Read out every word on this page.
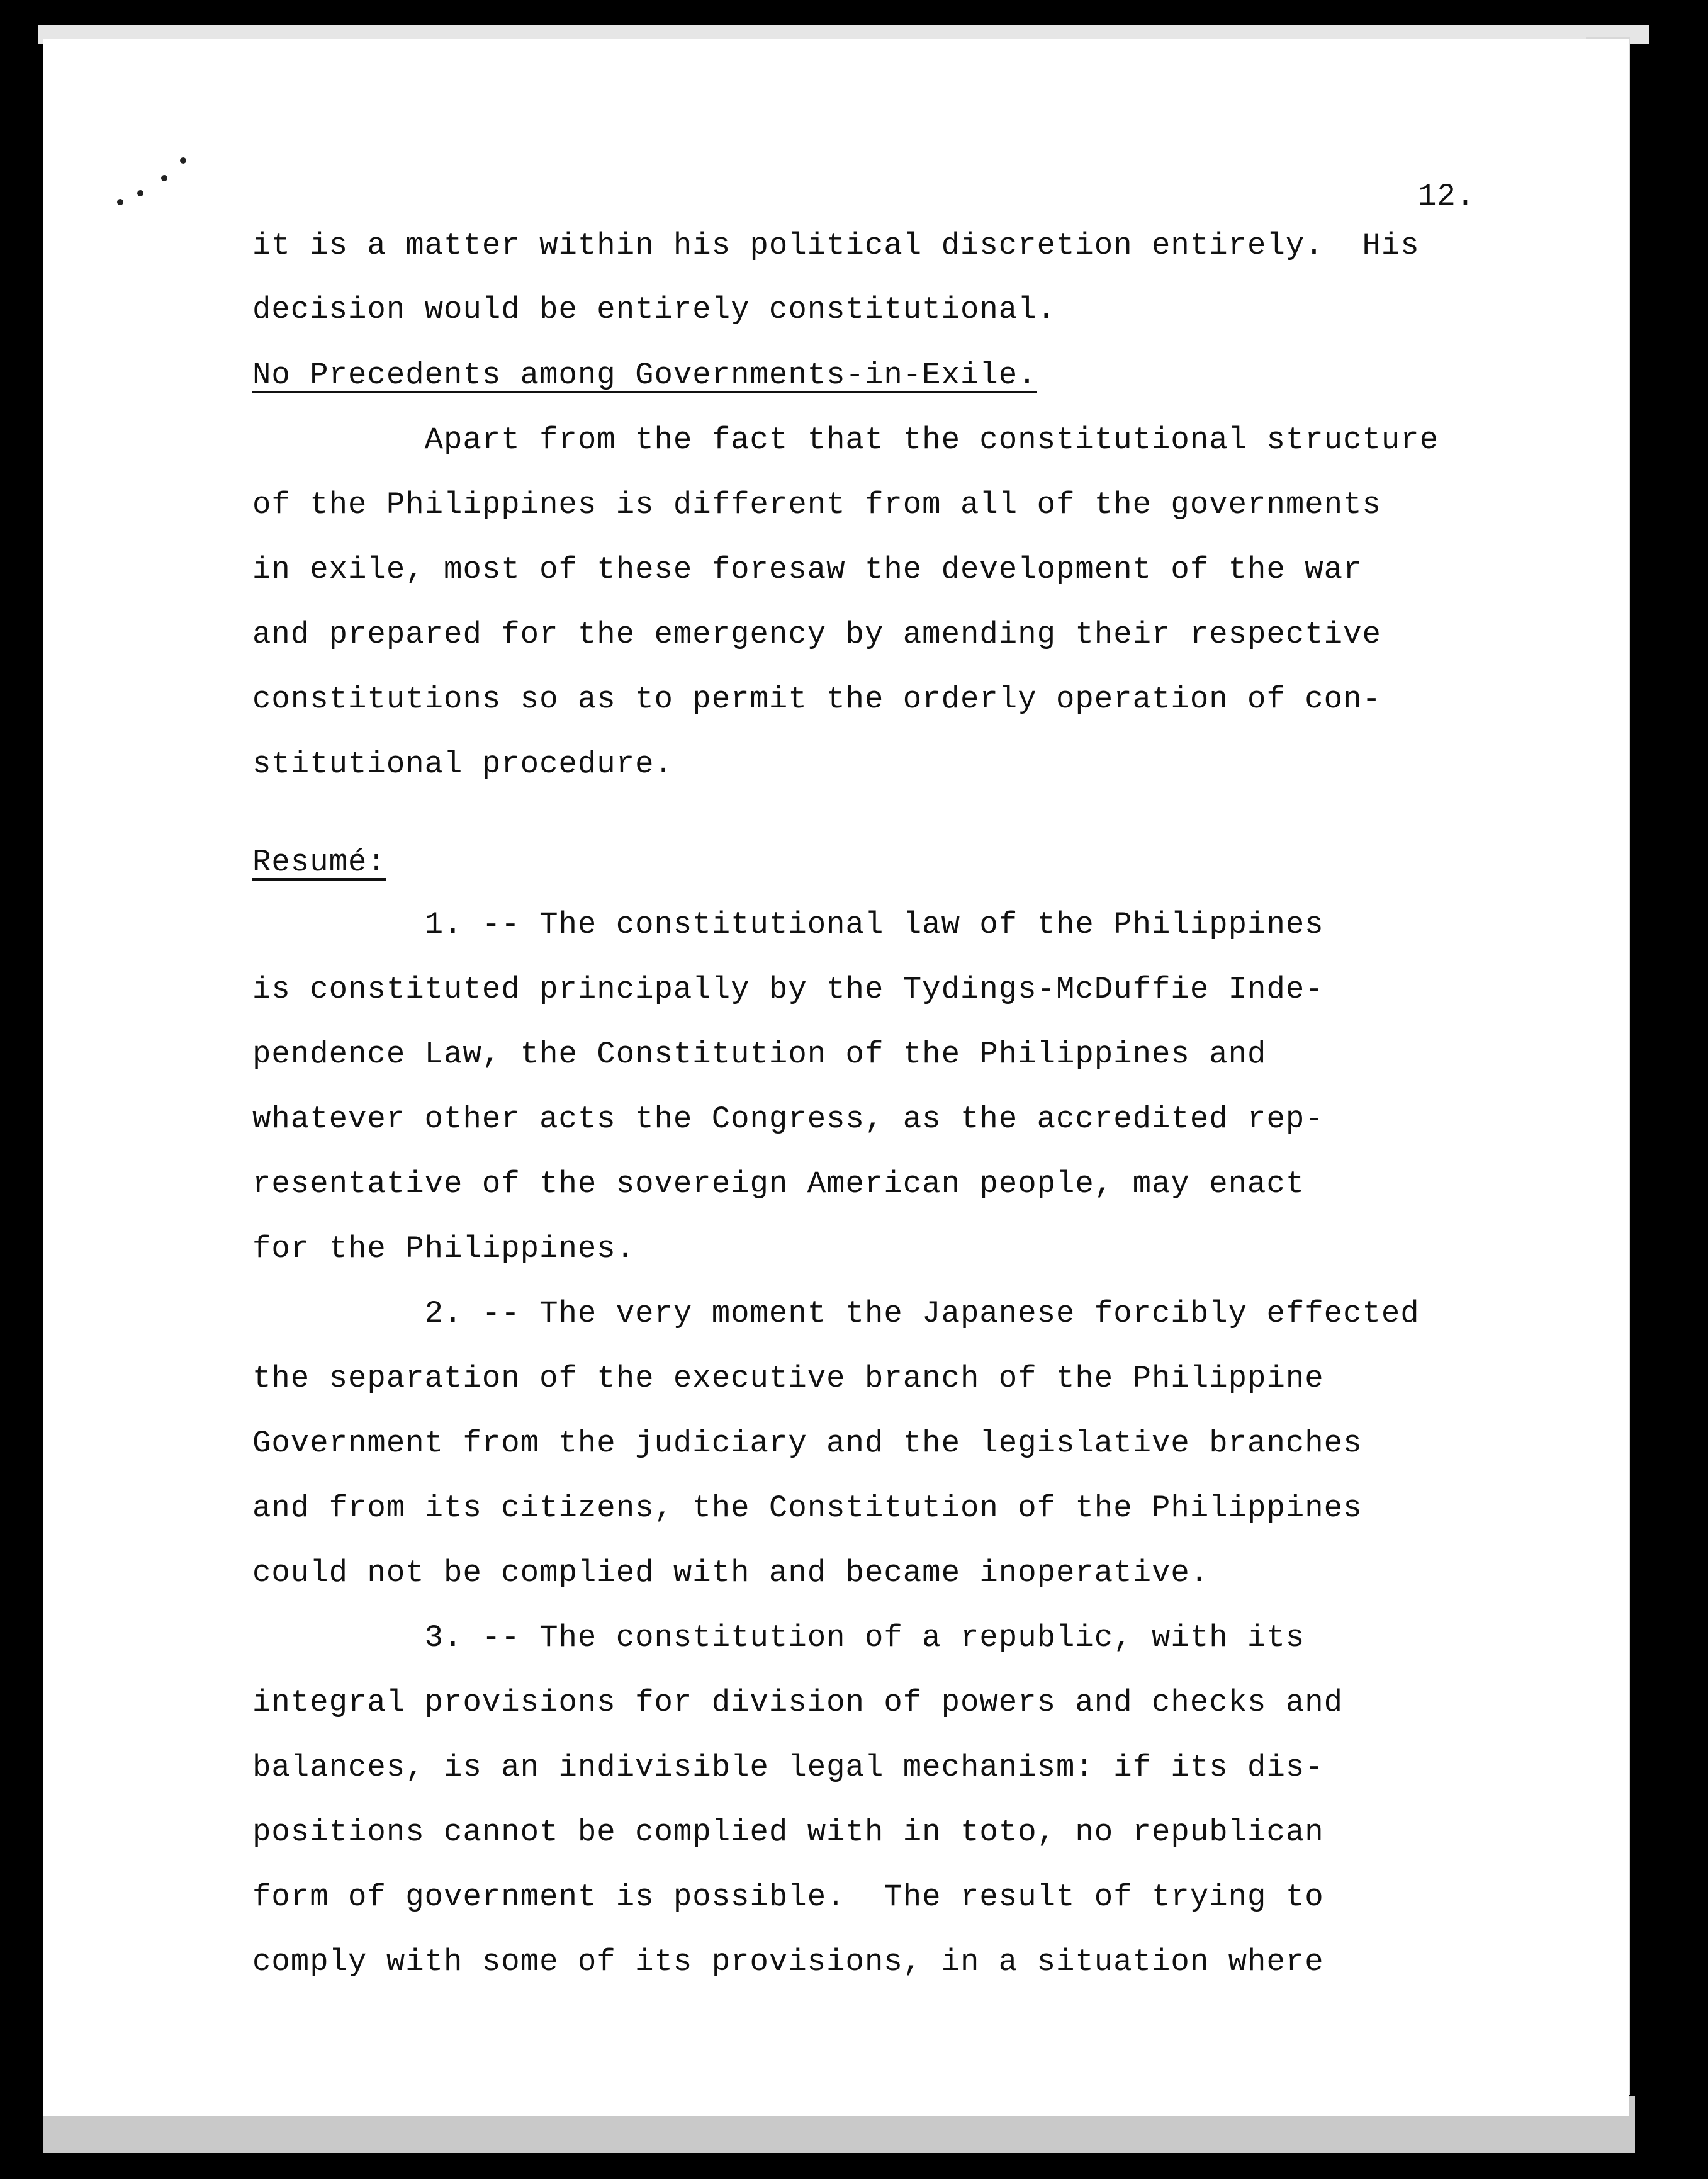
12.
it is a matter within his political discretion entirely.  His
decision would be entirely constitutional.
No Precedents among Governments-in-Exile.
Apart from the fact that the constitutional structure
of the Philippines is different from all of the governments
in exile, most of these foresaw the development of the war
and prepared for the emergency by amending their respective
constitutions so as to permit the orderly operation of con-
stitutional procedure.
Resumé:
1. -- The constitutional law of the Philippines
is constituted principally by the Tydings-McDuffie Inde-
pendence Law, the Constitution of the Philippines and
whatever other acts the Congress, as the accredited rep-
resentative of the sovereign American people, may enact
for the Philippines.
2. -- The very moment the Japanese forcibly effected
the separation of the executive branch of the Philippine
Government from the judiciary and the legislative branches
and from its citizens, the Constitution of the Philippines
could not be complied with and became inoperative.
3. -- The constitution of a republic, with its
integral provisions for division of powers and checks and
balances, is an indivisible legal mechanism: if its dis-
positions cannot be complied with in toto, no republican
form of government is possible.  The result of trying to
comply with some of its provisions, in a situation where
